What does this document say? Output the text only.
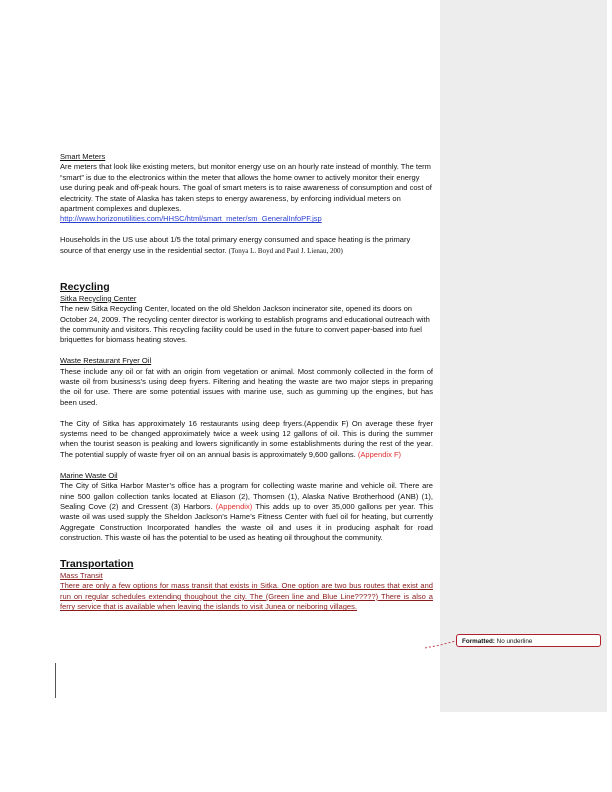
Smart Meters

Are meters that look like existing meters, but monitor energy use on an hourly rate instead of monthly. The term “smart” is due to the electronics within the meter that allows the home owner to actively monitor their energy use during peak and off-peak hours. The goal of smart meters is to raise awareness of consumption and cost of electricity. The state of Alaska has taken steps to energy awareness, by enforcing individual meters on apartment complexes and duplexes.

http://www.horizonutilities.com/HHSC/html/smart_meter/sm_GeneralInfoPF.jsp

Households in the US use about 1/5 the total primary energy consumed and space heating is the primary source of that energy use in the residential sector. (Tonya L. Boyd and Paul J. Lienau, 200)

Recycling

Sitka Recycling Center

The new Sitka Recycling Center, located on the old Sheldon Jackson incinerator site, opened its doors on October 24, 2009. The recycling center director is working to establish programs and educational outreach with the community and visitors. This recycling facility could be used in the future to convert paper-based into fuel briquettes for biomass heating stoves.

Waste Restaurant Fryer Oil

These include any oil or fat with an origin from vegetation or animal. Most commonly collected in the form of waste oil from business’s using deep fryers. Filtering and heating the waste are two major steps in preparing the oil for use. There are some potential issues with marine use, such as gumming up the engines, but has been used.

The City of Sitka has approximately 16 restaurants using deep fryers.(Appendix F) On average these fryer systems need to be changed approximately twice a week using 12 gallons of oil. This is during the summer when the tourist season is peaking and lowers significantly in some establishments during the rest of the year. The potential supply of waste fryer oil on an annual basis is approximately 9,600 gallons. (Appendix F)

Marine Waste Oil

The City of Sitka Harbor Master’s office has a program for collecting waste marine and vehicle oil. There are nine 500 gallon collection tanks located at Eliason (2), Thomsen (1), Alaska Native Brotherhood (ANB) (1), Sealing Cove (2) and Cressent (3) Harbors. (Appendix) This adds up to over 35,000 gallons per year. This waste oil was used supply the Sheldon Jackson’s Hame’s Fitness Center with fuel oil for heating, but currently Aggregate Construction Incorporated handles the waste oil and uses it in producing asphalt for road construction. This waste oil has the potential to be used as heating oil throughout the community.

Transportation

Mass Transit

There are only a few options for mass transit that exists in Sitka. One option are two bus routes that exist and run on regular schedules extending thoughout the city. The (Green line and Blue Line?????) There is also a ferry service that is available when leaving the islands to visit Junea or neiboring villages.

Formatted: No underline
